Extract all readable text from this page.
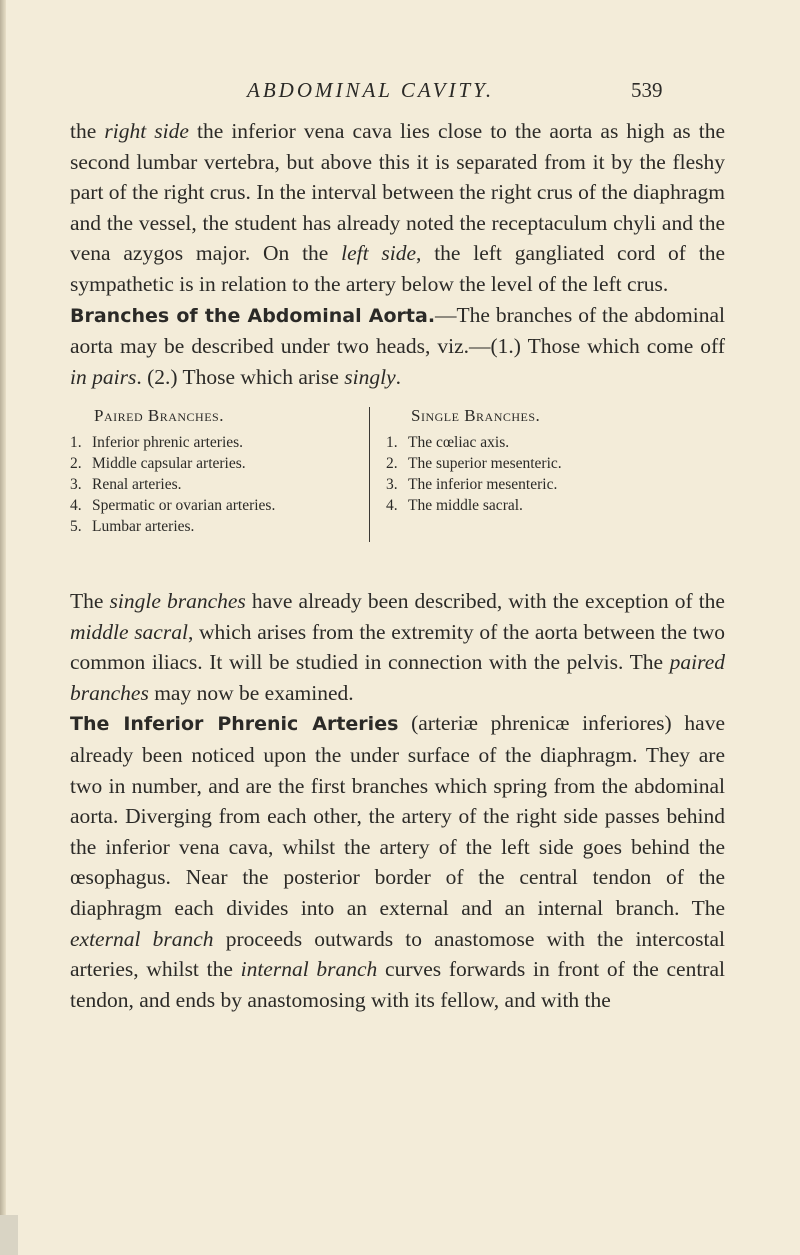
ABDOMINAL CAVITY.	539

the right side the inferior vena cava lies close to the aorta as high as the second lumbar vertebra, but above this it is separated from it by the fleshy part of the right crus. In the interval between the right crus of the diaphragm and the vessel, the student has already noted the receptaculum chyli and the vena azygos major. On the left side, the left gangliated cord of the sympathetic is in relation to the artery below the level of the left crus.

Branches of the Abdominal Aorta.—The branches of the abdominal aorta may be described under two heads, viz.—(1.) Those which come off in pairs. (2.) Those which arise singly.

Paired Branches.
1. Inferior phrenic arteries.
2. Middle capsular arteries.
3. Renal arteries.
4. Spermatic or ovarian arteries.
5. Lumbar arteries.
Single Branches.
1. The cœliac axis.
2. The superior mesenteric.
3. The inferior mesenteric.
4. The middle sacral.

The single branches have already been described, with the exception of the middle sacral, which arises from the extremity of the aorta between the two common iliacs. It will be studied in connection with the pelvis. The paired branches may now be examined.

The Inferior Phrenic Arteries (arteriæ phrenicæ inferiores) have already been noticed upon the under surface of the diaphragm. They are two in number, and are the first branches which spring from the abdominal aorta. Diverging from each other, the artery of the right side passes behind the inferior vena cava, whilst the artery of the left side goes behind the œsophagus. Near the posterior border of the central tendon of the diaphragm each divides into an external and an internal branch. The external branch proceeds outwards to anastomose with the intercostal arteries, whilst the internal branch curves forwards in front of the central tendon, and ends by anastomosing with its fellow, and with the
